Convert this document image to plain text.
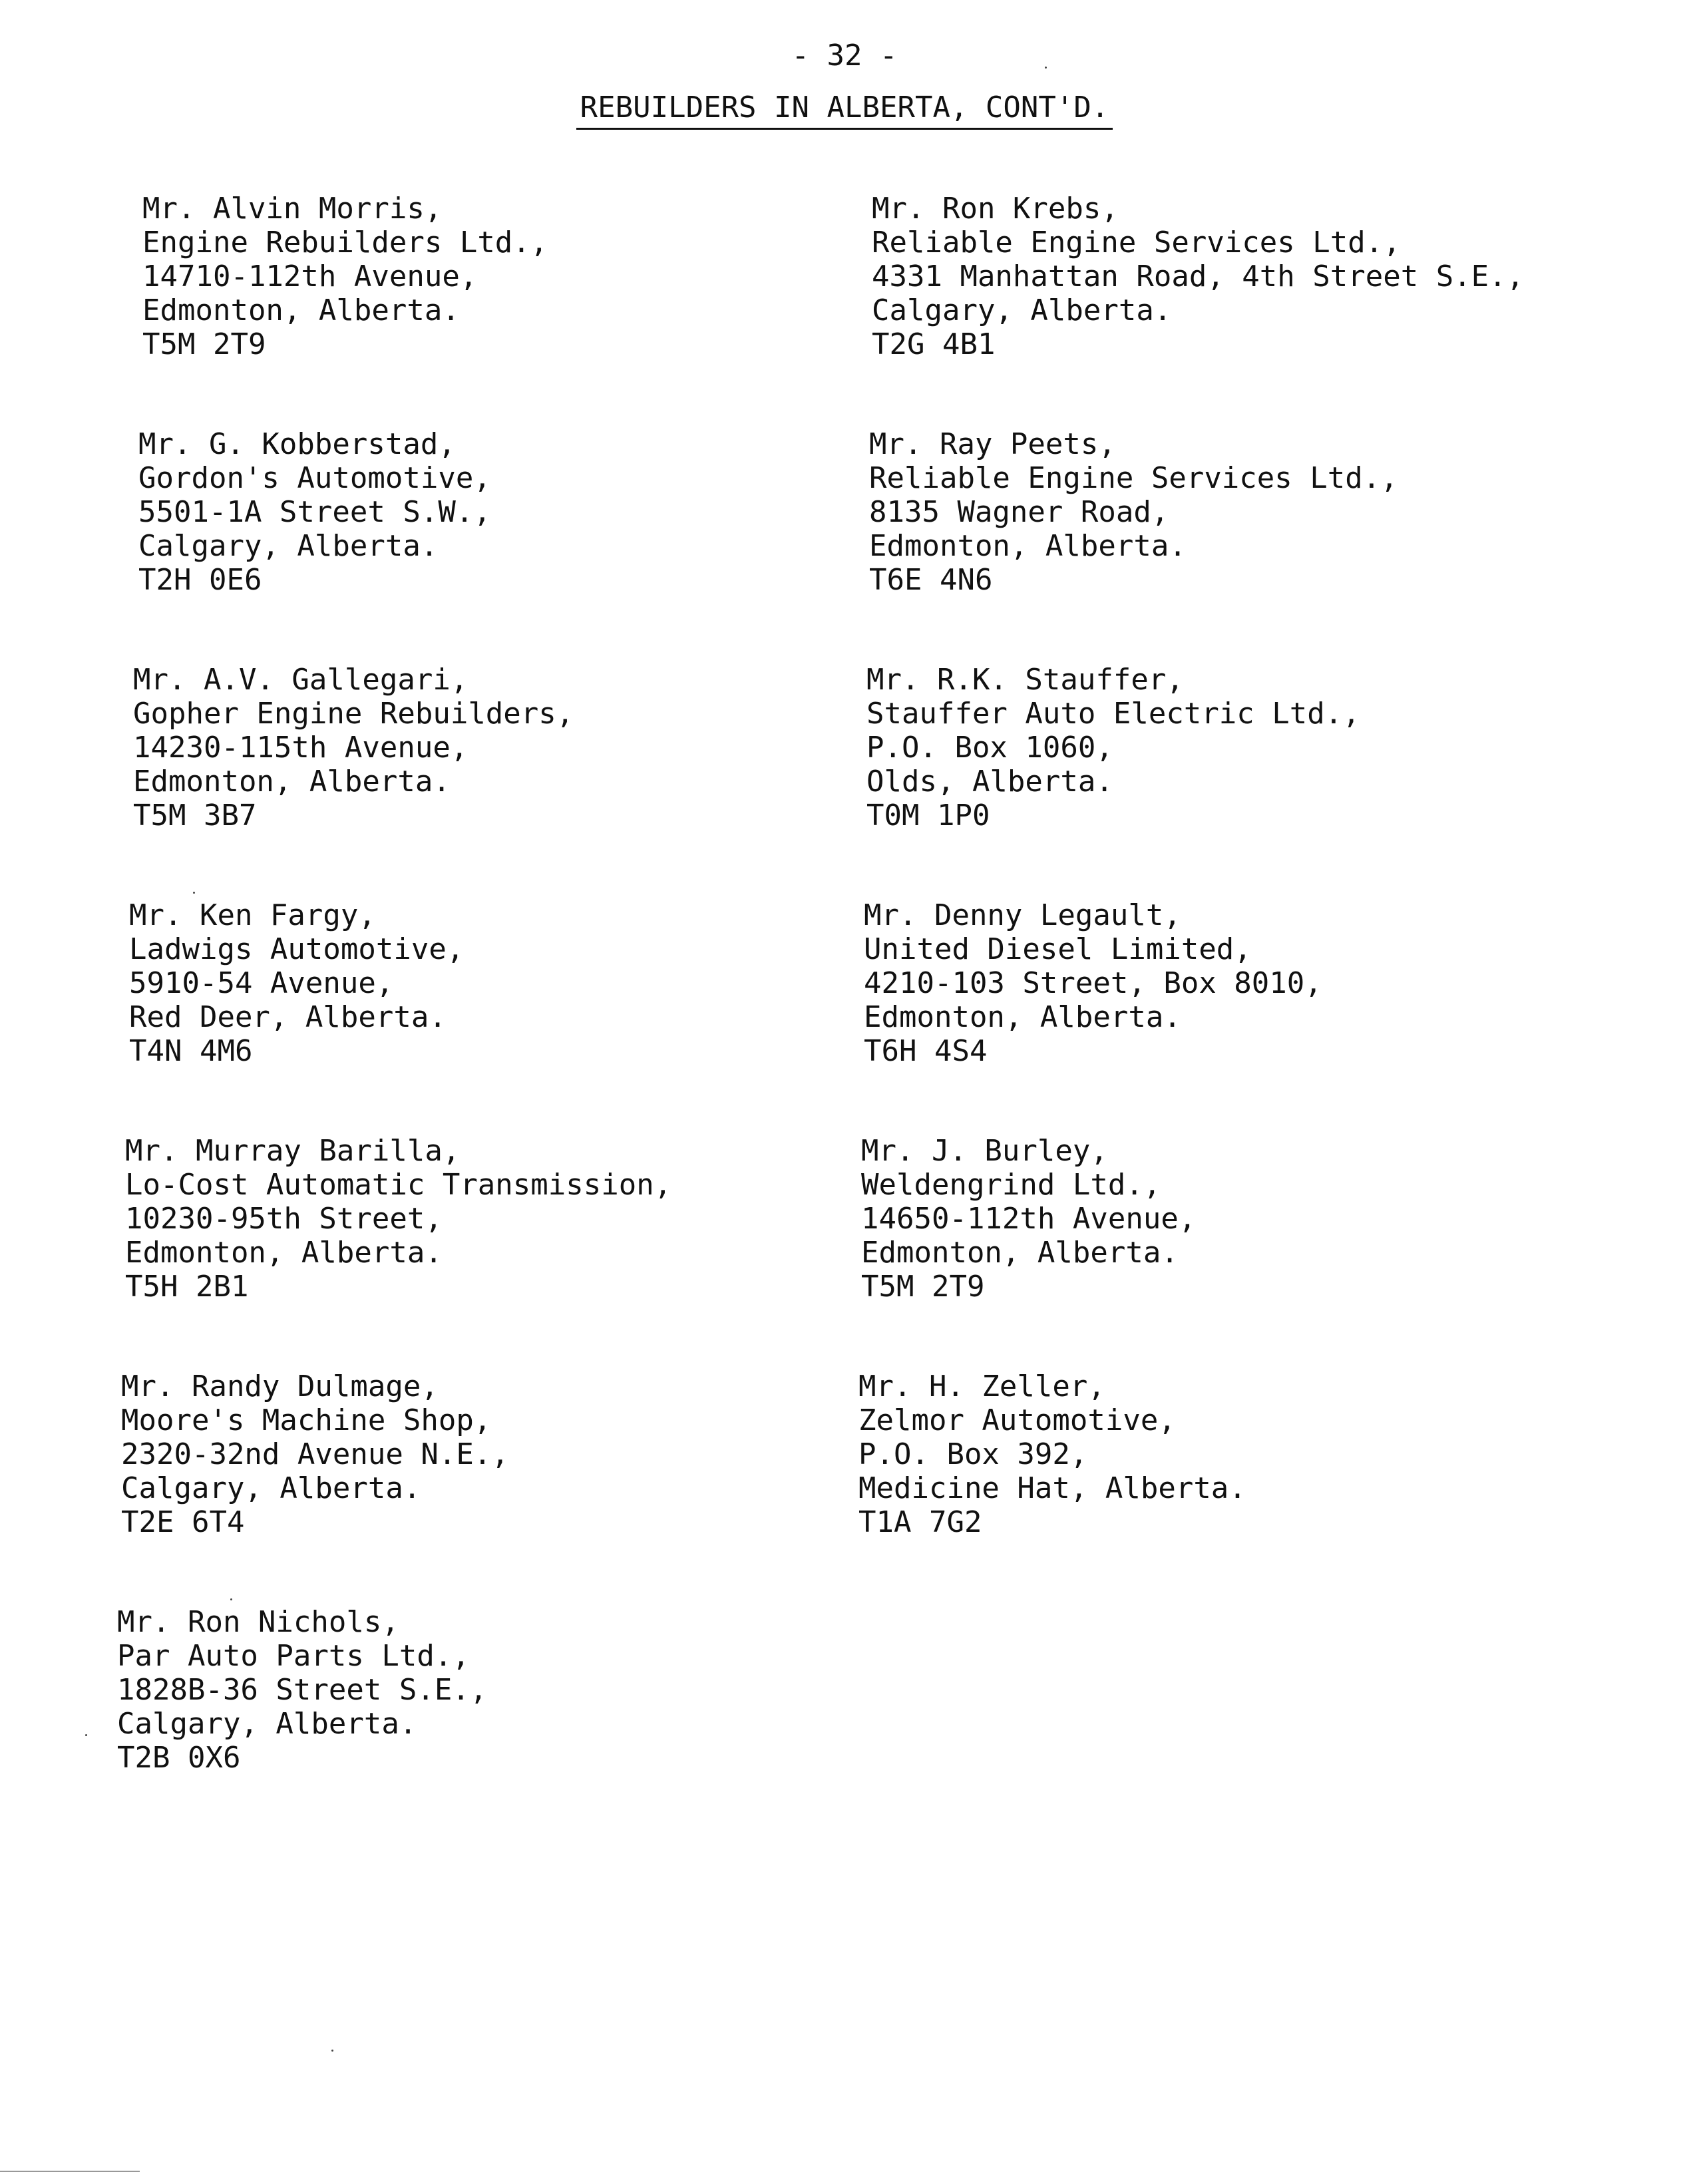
- 32 -
REBUILDERS IN ALBERTA, CONT'D.
Mr. Alvin Morris,
Engine Rebuilders Ltd.,
14710-112th Avenue,
Edmonton, Alberta.
T5M 2T9
Mr. G. Kobberstad,
Gordon's Automotive,
5501-1A Street S.W.,
Calgary, Alberta.
T2H 0E6
Mr. A.V. Gallegari,
Gopher Engine Rebuilders,
14230-115th Avenue,
Edmonton, Alberta.
T5M 3B7
Mr. Ken Fargy,
Ladwigs Automotive,
5910-54 Avenue,
Red Deer, Alberta.
T4N 4M6
Mr. Murray Barilla,
Lo-Cost Automatic Transmission,
10230-95th Street,
Edmonton, Alberta.
T5H 2B1
Mr. Randy Dulmage,
Moore's Machine Shop,
2320-32nd Avenue N.E.,
Calgary, Alberta.
T2E 6T4
Mr. Ron Nichols,
Par Auto Parts Ltd.,
1828B-36 Street S.E.,
Calgary, Alberta.
T2B 0X6
Mr. Ron Krebs,
Reliable Engine Services Ltd.,
4331 Manhattan Road, 4th Street S.E.,
Calgary, Alberta.
T2G 4B1
Mr. Ray Peets,
Reliable Engine Services Ltd.,
8135 Wagner Road,
Edmonton, Alberta.
T6E 4N6
Mr. R.K. Stauffer,
Stauffer Auto Electric Ltd.,
P.O. Box 1060,
Olds, Alberta.
T0M 1P0
Mr. Denny Legault,
United Diesel Limited,
4210-103 Street, Box 8010,
Edmonton, Alberta.
T6H 4S4
Mr. J. Burley,
Weldengrind Ltd.,
14650-112th Avenue,
Edmonton, Alberta.
T5M 2T9
Mr. H. Zeller,
Zelmor Automotive,
P.O. Box 392,
Medicine Hat, Alberta.
T1A 7G2
